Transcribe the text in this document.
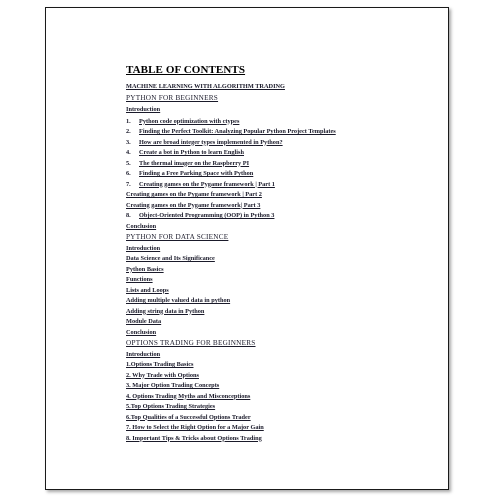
TABLE OF CONTENTS
MACHINE LEARNING WITH ALGORITHM TRADING
PYTHON FOR BEGINNERS
Introduction
1. Python code optimization with ctypes
2. Finding the Perfect Toolkit: Analyzing Popular Python Project Templates
3. How are broad integer types implemented in Python?
4. Create a bot in Python to learn English
5. The thermal imager on the Raspberry PI
6. Finding a Free Parking Space with Python
7. Creating games on the Pygame framework | Part 1
Creating games on the Pygame framework | Part 2
Creating games on the Pygame framework| Part 3
8. Object-Oriented Programming (OOP) in Python 3
Conclusion
PYTHON FOR DATA SCIENCE
Introduction
Data Science and Its Significance
Python Basics
Functions
Lists and Loops
Adding multiple valued data in python
Adding string data in Python
Module Data
Conclusion
OPTIONS TRADING FOR BEGINNERS
Introduction
1.Options Trading Basics
2. Why Trade with Options
3. Major Option Trading Concepts
4. Options Trading Myths and Misconceptions
5.Top Options Trading Strategies
6.Top Qualities of a Successful Options Trader
7. How to Select the Right Option for a Major Gain
8. Important Tips & Tricks about Options Trading
